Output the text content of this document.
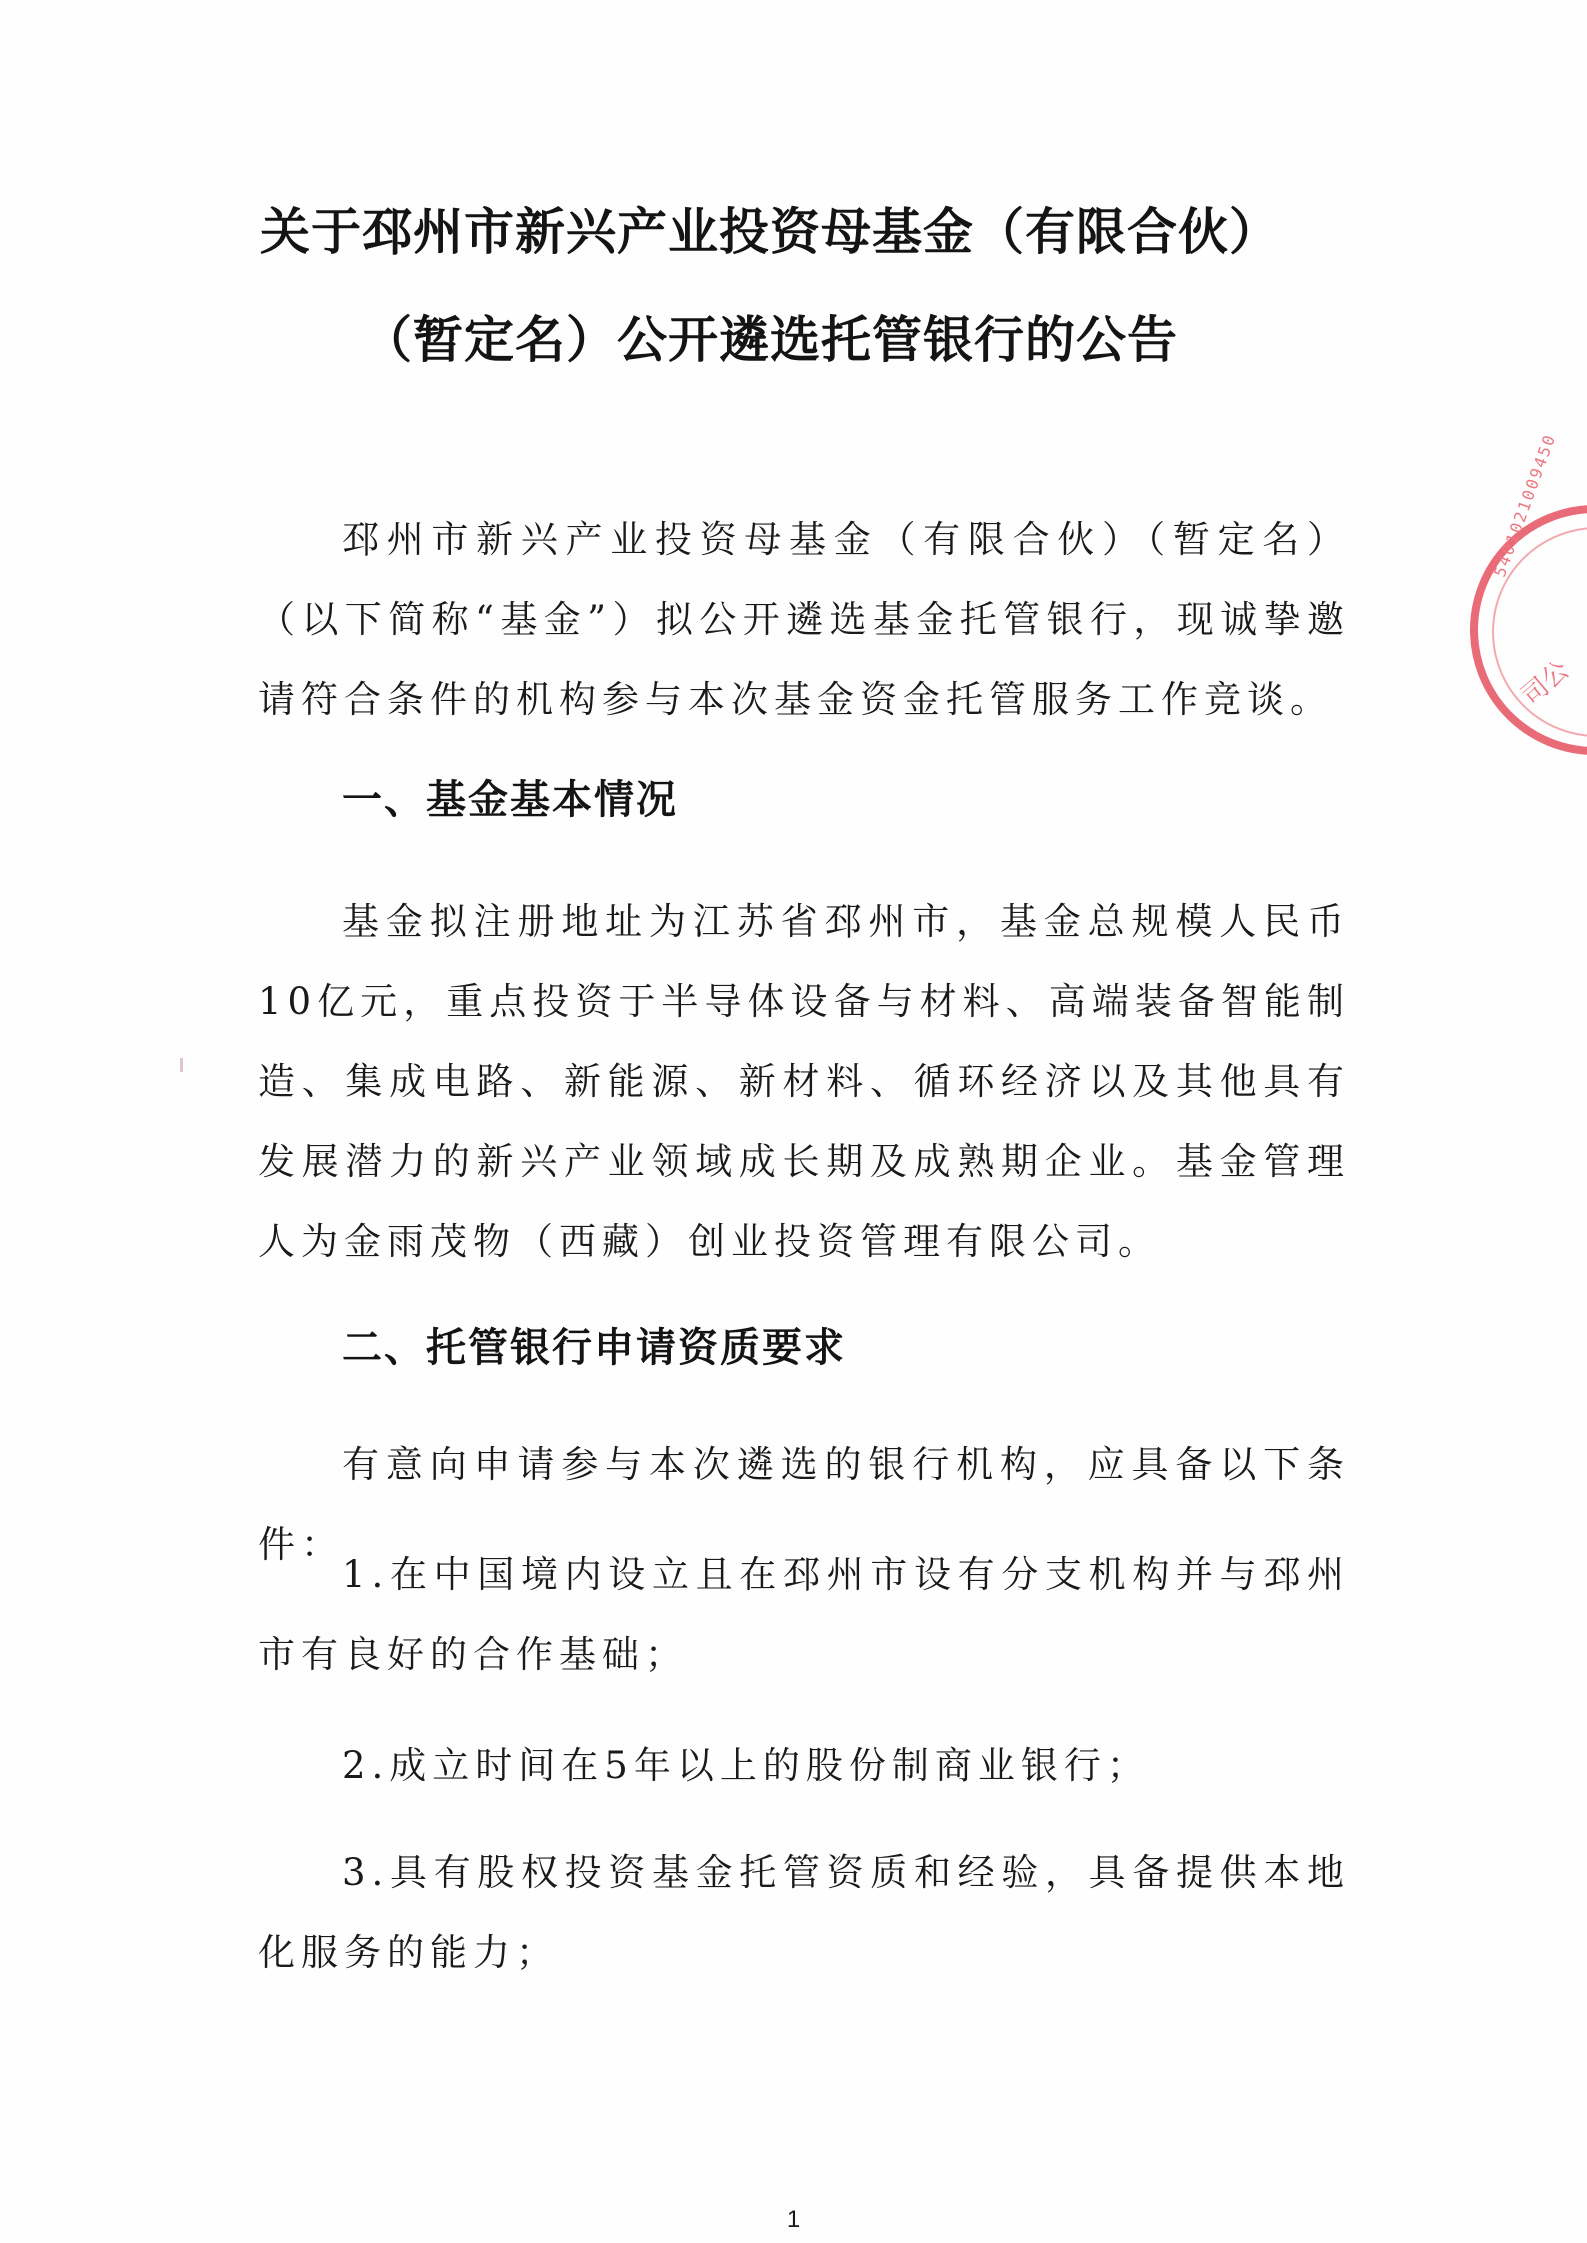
关于邳州市新兴产业投资母基金（有限合伙）
（暂定名）公开遴选托管银行的公告

邳州市新兴产业投资母基金（有限合伙）（暂定名）（以下简称“基金”）拟公开遴选基金托管银行，现诚挚邀请符合条件的机构参与本次基金资金托管服务工作竞谈。

一、基金基本情况

基金拟注册地址为江苏省邳州市，基金总规模人民币10亿元，重点投资于半导体设备与材料、高端装备智能制造、集成电路、新能源、新材料、循环经济以及其他具有发展潜力的新兴产业领域成长期及成熟期企业。基金管理人为金雨茂物（西藏）创业投资管理有限公司。

二、托管银行申请资质要求

有意向申请参与本次遴选的银行机构，应具备以下条件：

1.在中国境内设立且在邳州市设有分支机构并与邳州市有良好的合作基础；

2.成立时间在5年以上的股份制商业银行；

3.具有股权投资基金托管资质和经验，具备提供本地化服务的能力；

5401021009450
司公
1
